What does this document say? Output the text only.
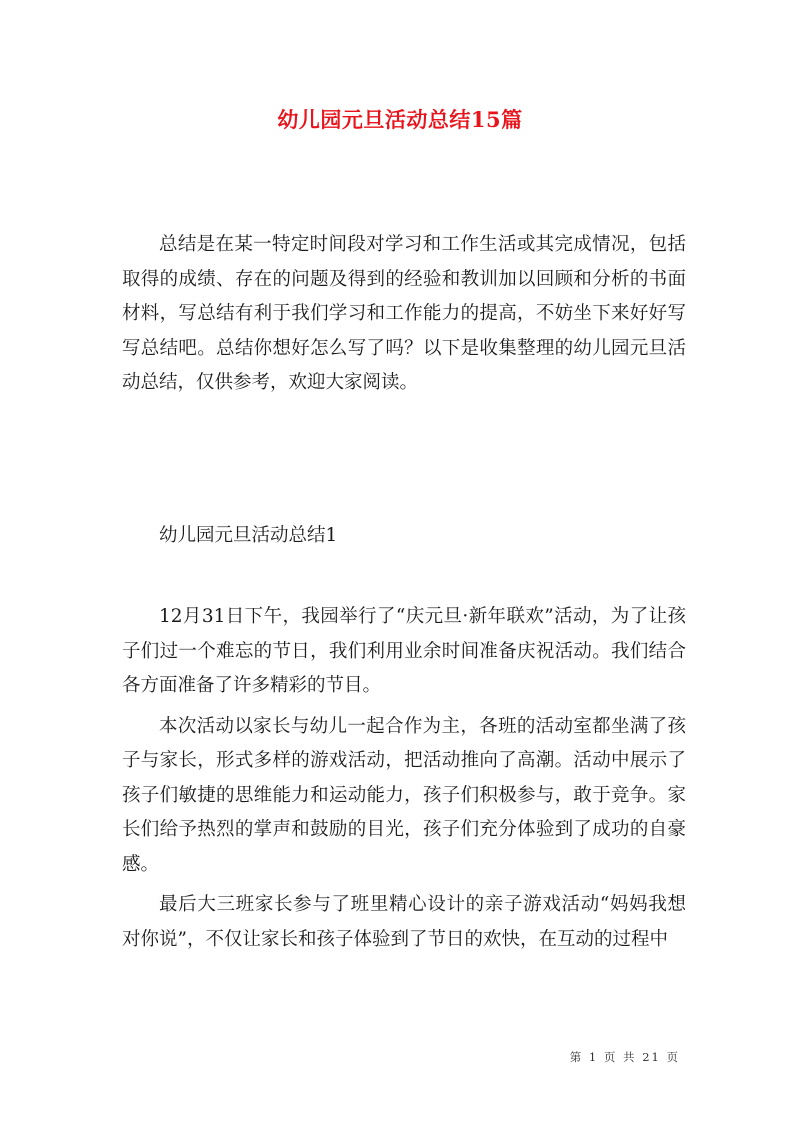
幼儿园元旦活动总结15篇

总结是在某一特定时间段对学习和工作生活或其完成情况，包括取得的成绩、存在的问题及得到的经验和教训加以回顾和分析的书面材料，写总结有利于我们学习和工作能力的提高，不妨坐下来好好写写总结吧。总结你想好怎么写了吗？以下是收集整理的幼儿园元旦活动总结，仅供参考，欢迎大家阅读。

幼儿园元旦活动总结1

12月31日下午，我园举行了“庆元旦·新年联欢”活动，为了让孩子们过一个难忘的节日，我们利用业余时间准备庆祝活动。我们结合各方面准备了许多精彩的节目。

本次活动以家长与幼儿一起合作为主，各班的活动室都坐满了孩子与家长，形式多样的游戏活动，把活动推向了高潮。活动中展示了孩子们敏捷的思维能力和运动能力，孩子们积极参与，敢于竞争。家长们给予热烈的掌声和鼓励的目光，孩子们充分体验到了成功的自豪感。

最后大三班家长参与了班里精心设计的亲子游戏活动“妈妈我想对你说”，不仅让家长和孩子体验到了节日的欢快，在互动的过程中

第 1 页 共 21 页
